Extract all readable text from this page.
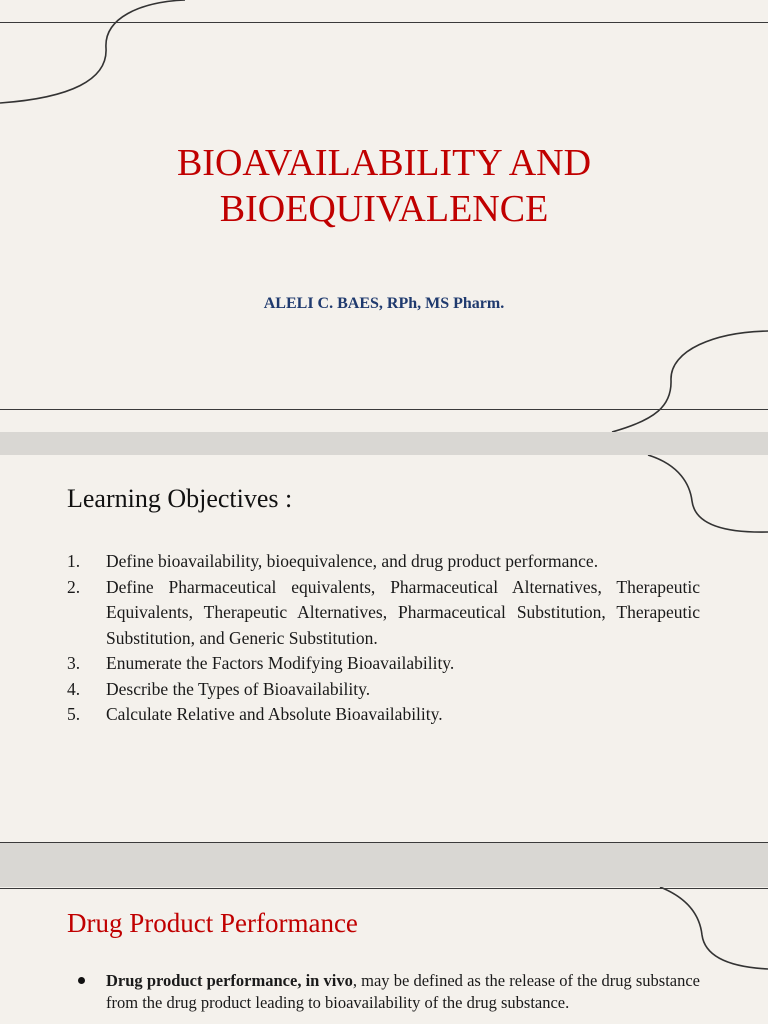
BIOAVAILABILITY AND
BIOEQUIVALENCE

ALELI C. BAES, RPh, MS Pharm.

Learning Objectives :
1. Define bioavailability, bioequivalence, and drug product performance.
2. Define Pharmaceutical equivalents, Pharmaceutical Alternatives, Therapeutic Equivalents, Therapeutic Alternatives, Pharmaceutical Substitution, Therapeutic Substitution, and Generic Substitution.
3. Enumerate the Factors Modifying Bioavailability.
4. Describe the Types of Bioavailability.
5. Calculate Relative and Absolute Bioavailability.
Drug Product Performance

Drug product performance, in vivo, may be defined as the release of the drug substance from the drug product leading to bioavailability of the drug substance.
